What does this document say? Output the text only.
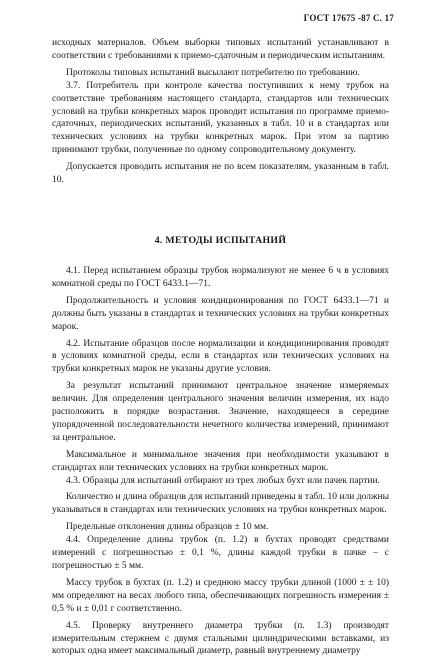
ГОСТ 17675 -87 С. 17

исходных материалов. Объем выборки типовых испытаний устанавливают в соответствии с требованиями к приемо-сдаточным и периодическим испытаниям.

Протоколы типовых испытаний высылают потребителю по требованию.

3.7. Потребитель при контроле качества поступивших к нему трубок на соответствие требованиям настоящего стандарта, стандартов или технических условий на трубки конкретных марок проводит испытания по программе приемо-сдаточных, периодических испытаний, указанных в табл. 10 и в стандартах или технических условиях на трубки конкретных марок. При этом за партию принимают трубки, полученные по одному сопроводительному документу.

Допускается проводить испытания не по всем показателям, указанным в табл. 10.

4. МЕТОДЫ ИСПЫТАНИЙ

4.1. Перед испытанием образцы трубок нормализуют не менее 6 ч в условиях комнатной среды по ГОСТ 6433.1—71.

Продолжительность и условия кондиционирования по ГОСТ 6433.1—71 и должны быть указаны в стандартах и технических условиях на трубки конкретных марок.

4.2. Испытание образцов после нормализации и кондиционирования проводят в условиях комнатной среды, если в стандартах или технических условиях на трубки конкретных марок не указаны другие условия.

За результат испытаний принимают центральное значение измеряемых величин. Для определения центрального значения величин измерения, их надо расположить в порядке возрастания. Значение, находящееся в середине упорядоченной последовательности нечетного количества измерений, принимают за центральное.

Максимальное и минимальное значения при необходимости указывают в стандартах или технических условиях на трубки конкретных марок.

4.3. Образцы для испытаний отбирают из трех любых бухт или пачек партии.

Количество и длина образцов для испытаний приведены в табл. 10 или должны указываться в стандартах или технических условиях на трубки конкретных марок.

Предельные отклонения длины образцов ± 10 мм.

4.4. Определение длины трубок (п. 1.2) в бухтах проводят средствами измерений с погрешностью ± 0,1 %, длины каждой трубки в пачке – с погрешностью ± 5 мм.

Массу трубок в бухтах (п. 1.2) и среднюю массу трубки длиной (1000 ± ± 10) мм определяют на весах любого типа, обеспечивающих погрешность измерения ± 0,5 % и ± 0,01 г соответственно.

4.5. Проверку внутреннего диаметра трубки (п. 1.3) производят измерительным стержнем с двумя стальными цилиндрическими вставками, из которых одна имеет максимальный диаметр, равный внутреннему диаметру
